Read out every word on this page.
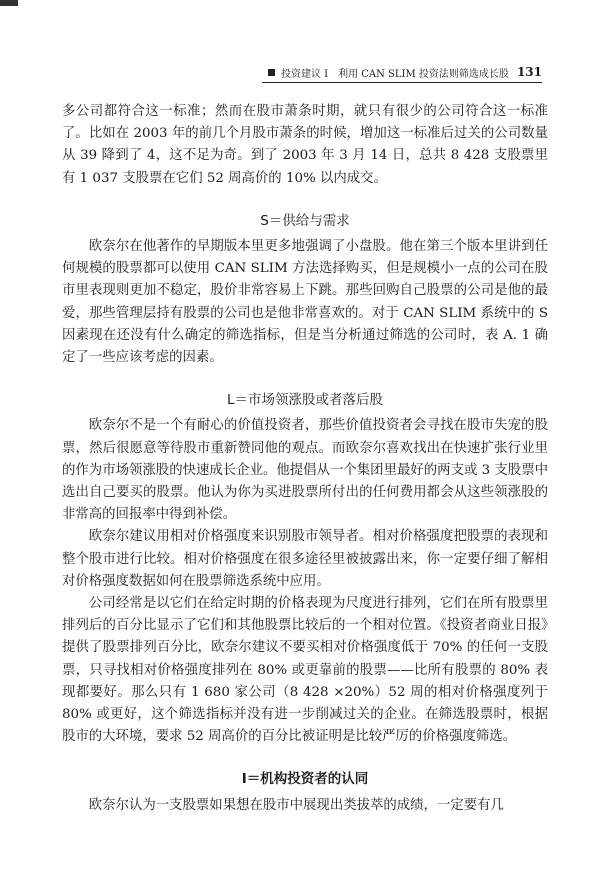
投资建议 I　利用 CAN SLIM 投资法则筛选成长股 131

多公司都符合这一标准；然而在股市萧条时期，就只有很少的公司符合这一标准了。比如在 2003 年的前几个月股市萧条的时候，增加这一标准后过关的公司数量从 39 降到了 4，这不足为奇。到了 2003 年 3 月 14 日，总共 8 428 支股票里有 1 037 支股票在它们 52 周高价的 10% 以内成交。

S＝供给与需求

欧奈尔在他著作的早期版本里更多地强调了小盘股。他在第三个版本里讲到任何规模的股票都可以使用 CAN SLIM 方法选择购买，但是规模小一点的公司在股市里表现则更加不稳定，股价非常容易上下跳。那些回购自己股票的公司是他的最爱，那些管理层持有股票的公司也是他非常喜欢的。对于 CAN SLIM 系统中的 S 因素现在还没有什么确定的筛选指标，但是当分析通过筛选的公司时，表 A. 1 确定了一些应该考虑的因素。

L＝市场领涨股或者落后股

欧奈尔不是一个有耐心的价值投资者，那些价值投资者会寻找在股市失宠的股票，然后很愿意等待股市重新赞同他的观点。而欧奈尔喜欢找出在快速扩张行业里的作为市场领涨股的快速成长企业。他提倡从一个集团里最好的两支或 3 支股票中选出自己要买的股票。他认为你为买进股票所付出的任何费用都会从这些领涨股的非常高的回报率中得到补偿。

欧奈尔建议用相对价格强度来识别股市领导者。相对价格强度把股票的表现和整个股市进行比较。相对价格强度在很多途径里被披露出来，你一定要仔细了解相对价格强度数据如何在股票筛选系统中应用。

公司经常是以它们在给定时期的价格表现为尺度进行排列，它们在所有股票里排列后的百分比显示了它们和其他股票比较后的一个相对位置。《投资者商业日报》提供了股票排列百分比，欧奈尔建议不要买相对价格强度低于 70% 的任何一支股票，只寻找相对价格强度排列在 80% 或更靠前的股票——比所有股票的 80% 表现都要好。那么只有 1 680 家公司（8 428 ×20%）52 周的相对价格强度列于 80% 或更好，这个筛选指标并没有进一步削减过关的企业。在筛选股票时，根据股市的大环境，要求 52 周高价的百分比被证明是比较严厉的价格强度筛选。

I＝机构投资者的认同

欧奈尔认为一支股票如果想在股市中展现出类拔萃的成绩，一定要有几
